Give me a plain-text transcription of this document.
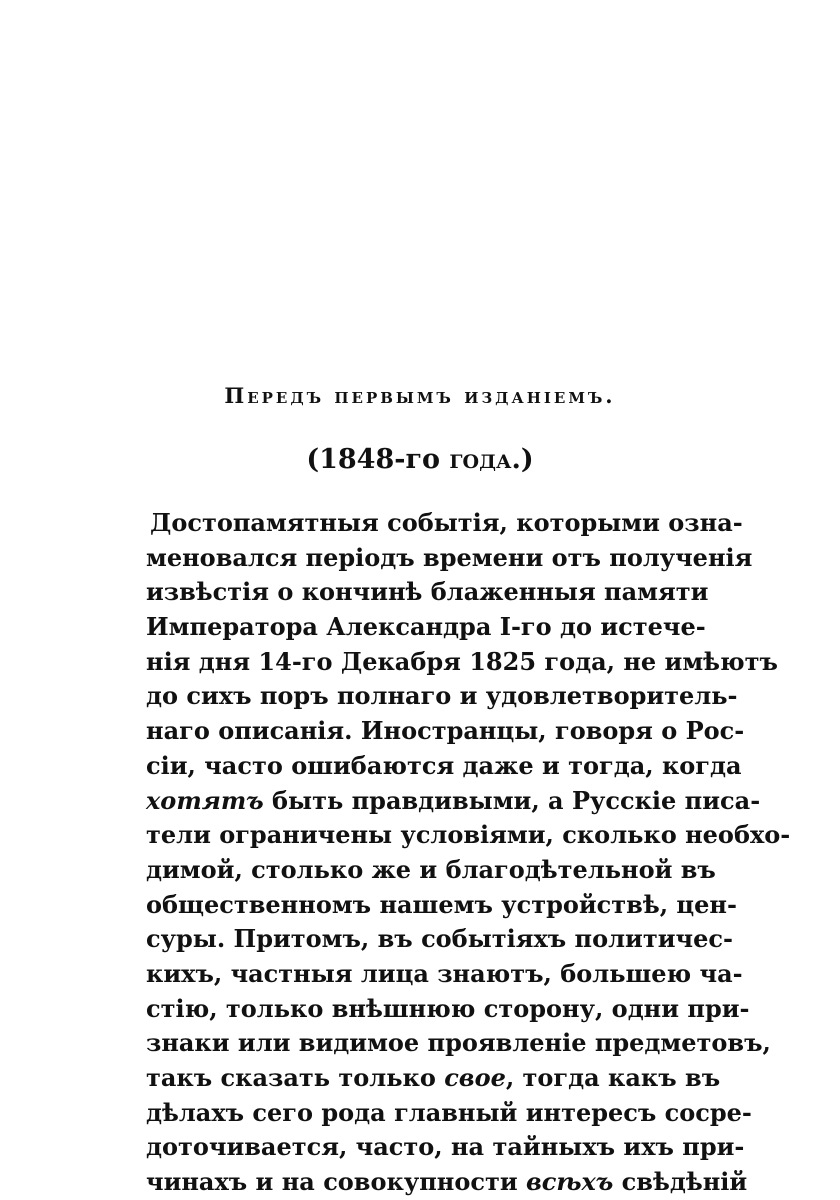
Передъ первымъ изданіемъ.
(1848-го года.)
Достопамятныя событія, которыми озна-
меновался періодъ времени отъ полученія
извѣстія о кончинѣ блаженныя памяти
Императора Александра I-го до истече-
нія дня 14-го Декабря 1825 года, не имѣютъ
до сихъ поръ полнаго и удовлетворитель-
наго описанія. Иностранцы, говоря о Рос-
сіи, часто ошибаются даже и тогда, когда
хотятъ быть правдивыми, а Русскіе писа-
тели ограничены условіями, сколько необхо-
димой, столько же и благодѣтельной въ
общественномъ нашемъ устройствѣ, цен-
суры. Притомъ, въ событіяхъ политичес-
кихъ, частныя лица знаютъ, большею ча-
стію, только внѣшнюю сторону, одни при-
знаки или видимое проявленіе предметовъ,
такъ сказать только свое, тогда какъ въ
дѣлахъ сего рода главный интересъ сосре-
доточивается, часто, на тайныхъ ихъ при-
чинахъ и на совокупности всѣхъ свѣдѣній
